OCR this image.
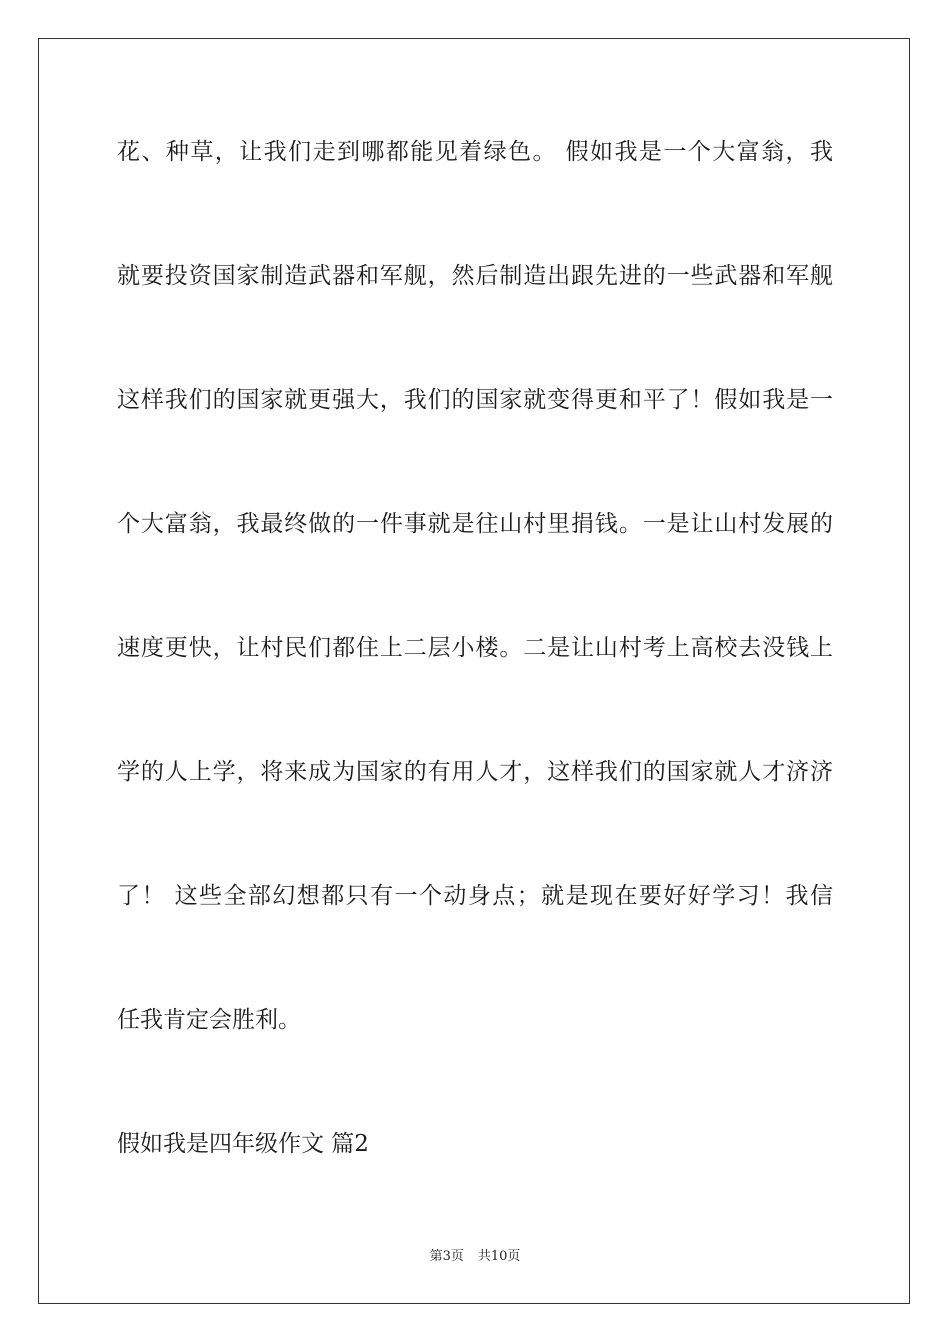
花、种草，让我们走到哪都能见着绿色。 假如我是一个大富翁，我
就要投资国家制造武器和军舰，然后制造出跟先进的一些武器和军舰
这样我们的国家就更强大，我们的国家就变得更和平了！假如我是一
个大富翁，我最终做的一件事就是往山村里捐钱。一是让山村发展的
速度更快，让村民们都住上二层小楼。二是让山村考上高校去没钱上
学的人上学，将来成为国家的有用人才，这样我们的国家就人才济济
了！ 这些全部幻想都只有一个动身点；就是现在要好好学习！我信
任我肯定会胜利。
假如我是四年级作文 篇2
第3页 共10页
